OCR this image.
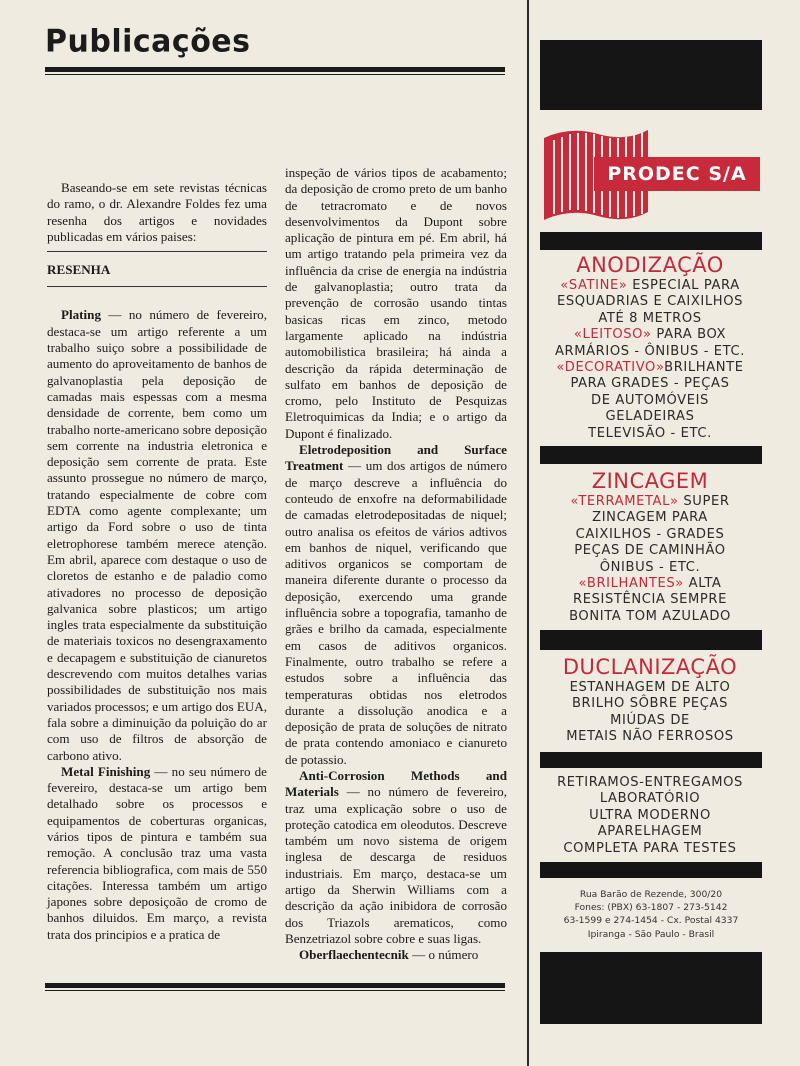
Publicações

Baseando-se em sete revistas técnicas do ramo, o dr. Alexandre Foldes fez uma resenha dos artigos e novidades publicadas em vários paises:

RESENHA

Plating — no número de fevereiro, destaca-se um artigo referente a um trabalho suiço sobre a possibilidade de aumento do aproveitamento de banhos de galvanoplastia pela deposição de camadas mais espessas com a mesma densidade de corrente, bem como um trabalho norte-americano sobre deposição sem corrente na industria eletronica e deposição sem corrente de prata. Este assunto prossegue no número de março, tratando especialmente de cobre com EDTA como agente complexante; um artigo da Ford sobre o uso de tinta eletrophorese também merece atenção. Em abril, aparece com destaque o uso de cloretos de estanho e de paladio como ativadores no processo de deposição galvanica sobre plasticos; um artigo ingles trata especialmente da substituição de materiais toxicos no desengraxamento e decapagem e substituição de cianuretos descrevendo com muitos detalhes varias possibilidades de substituição nos mais variados processos; e um artigo dos EUA, fala sobre a diminuição da poluição do ar com uso de filtros de absorção de carbono ativo.

Metal Finishing — no seu número de fevereiro, destaca-se um artigo bem detalhado sobre os processos e equipamentos de coberturas organicas, vários tipos de pintura e também sua remoção. A conclusão traz uma vasta referencia bibliografica, com mais de 550 citações. Interessa também um artigo japones sobre deposiçoão de cromo de banhos diluidos. Em março, a revista trata dos principios e a pratica de

inspeção de vários tipos de acabamento; da deposição de cromo preto de um banho de tetracromato e de novos desenvolvimentos da Dupont sobre aplicação de pintura em pé. Em abril, há um artigo tratando pela primeira vez da influência da crise de energia na indústria de galvanoplastia; outro trata da prevenção de corrosão usando tintas basicas ricas em zinco, metodo largamente aplicado na indústria automobilistica brasileira; há ainda a descrição da rápida determinação de sulfato em banhos de deposição de cromo, pelo Instituto de Pesquizas Eletroquimicas da India; e o artigo da Dupont é finalizado.

Eletrodeposition and Surface Treatment — um dos artigos de número de março descreve a influência do conteudo de enxofre na deformabilidade de camadas eletrodepositadas de niquel; outro analisa os efeitos de vários adtivos em banhos de niquel, verificando que aditivos organicos se comportam de maneira diferente durante o processo da deposição, exercendo uma grande influência sobre a topografia, tamanho de grães e brilho da camada, especialmente em casos de aditivos organicos. Finalmente, outro trabalho se refere a estudos sobre a influência das temperaturas obtidas nos eletrodos durante a dissolução anodica e a deposição de prata de soluções de nitrato de prata contendo amoniaco e cianureto de potassio.

Anti-Corrosion Methods and Materials — no número de fevereiro, traz uma explicação sobre o uso de proteção catodica em oleodutos. Descreve também um novo sistema de origem inglesa de descarga de residuos industriais. Em março, destaca-se um artigo da Sherwin Williams com a descrição da ação inibidora de corrosão dos Triazols arematicos, como Benzetriazol sobre cobre e suas ligas.

Oberflaechentecnik — o número

PRODEC S/A
ANODIZAÇÃO
«SATINE» ESPECIAL PARA
ESQUADRIAS E CAIXILHOS
ATÉ 8 METROS
«LEITOSO» PARA BOX
ARMÁRIOS - ÔNIBUS - ETC.
«DECORATIVO»BRILHANTE
PARA GRADES - PEÇAS
DE AUTOMÓVEIS
GELADEIRAS
TELEVISÃO - ETC.
ZINCAGEM
«TERRAMETAL» SUPER
ZINCAGEM PARA
CAIXILHOS - GRADES
PEÇAS DE CAMINHÃO
ÔNIBUS - ETC.
«BRILHANTES» ALTA
RESISTÊNCIA SEMPRE
BONITA TOM AZULADO
DUCLANIZAÇÃO
ESTANHAGEM DE ALTO
BRILHO SÔBRE PEÇAS
MIÚDAS DE
METAIS NÃO FERROSOS
RETIRAMOS-ENTREGAMOS
LABORATÓRIO
ULTRA MODERNO
APARELHAGEM
COMPLETA PARA TESTES
Rua Barão de Rezende, 300/20
Fones: (PBX) 63-1807 - 273-5142
63-1599 e 274-1454 - Cx. Postal 4337
Ipiranga - São Paulo - Brasil
